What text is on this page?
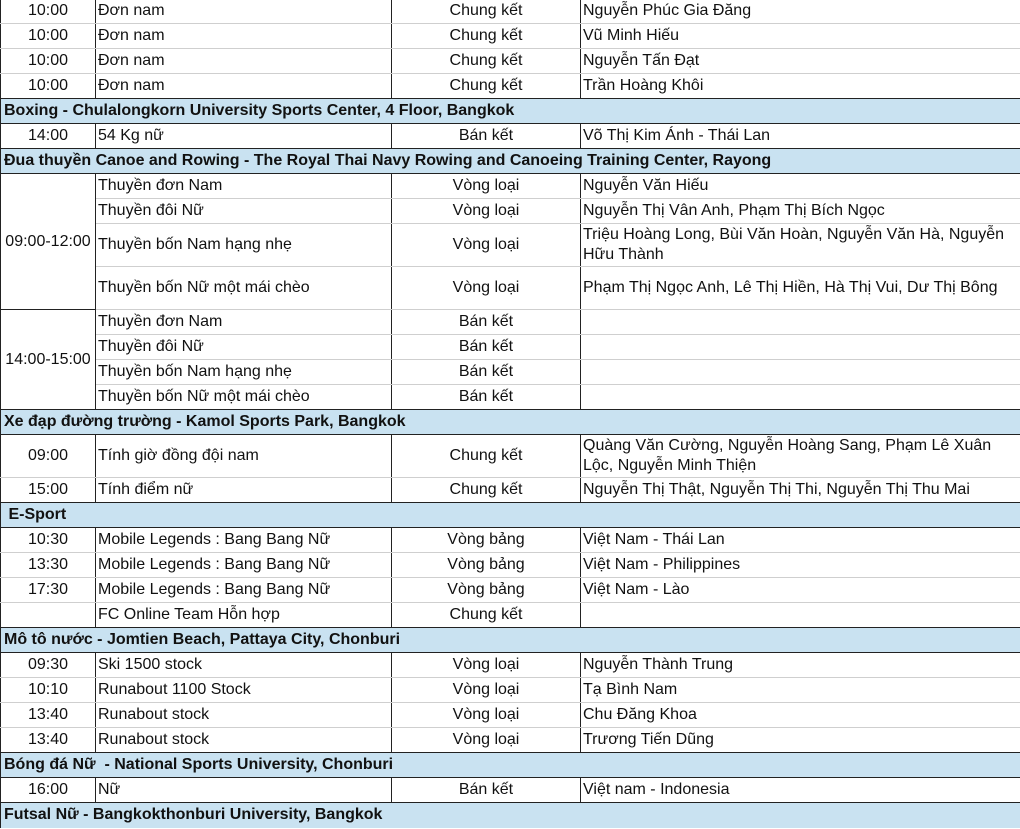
10:00	Đơn nam	Chung kết	Nguyễn Phúc Gia Đăng
10:00	Đơn nam	Chung kết	Vũ Minh Hiếu
10:00	Đơn nam	Chung kết	Nguyễn Tấn Đạt
10:00	Đơn nam	Chung kết	Trần Hoàng Khôi
Boxing - Chulalongkorn University Sports Center, 4 Floor, Bangkok			
14:00	54 Kg nữ	Bán kết	Võ Thị Kim Ánh - Thái Lan
Đua thuyền Canoe and Rowing - The Royal Thai Navy Rowing and Canoeing Training Center, Rayong			
09:00-12:00	Thuyền đơn Nam	Vòng loại	Nguyễn Văn Hiếu
	Thuyền đôi Nữ	Vòng loại	Nguyễn Thị Vân Anh, Phạm Thị Bích Ngọc
	Thuyền bốn Nam hạng nhẹ	Vòng loại	Triệu Hoàng Long, Bùi Văn Hoàn, Nguyễn Văn Hà, Nguyễn Hữu Thành
	Thuyền bốn Nữ một mái chèo	Vòng loại	Phạm Thị Ngọc Anh, Lê Thị Hiền, Hà Thị Vui, Dư Thị Bông
14:00-15:00	Thuyền đơn Nam	Bán kết	
	Thuyền đôi Nữ	Bán kết	
	Thuyền bốn Nam hạng nhẹ	Bán kết	
	Thuyền bốn Nữ một mái chèo	Bán kết	
Xe đạp đường trường - Kamol Sports Park, Bangkok			
09:00	Tính giờ đồng đội nam	Chung kết	Quàng Văn Cường, Nguyễn Hoàng Sang, Phạm Lê Xuân Lộc, Nguyễn Minh Thiện
15:00	Tính điểm nữ	Chung kết	Nguyễn Thị Thật, Nguyễn Thị Thi, Nguyễn Thị Thu Mai
E-Sport			
10:30	Mobile Legends : Bang Bang Nữ	Vòng bảng	Việt Nam - Thái Lan
13:30	Mobile Legends : Bang Bang Nữ	Vòng bảng	Việt Nam - Philippines
17:30	Mobile Legends : Bang Bang Nữ	Vòng bảng	Việt Nam - Lào
	FC Online Team Hỗn hợp	Chung kết	
Mô tô nước - Jomtien Beach, Pattaya City, Chonburi			
09:30	Ski 1500 stock	Vòng loại	Nguyễn Thành Trung
10:10	Runabout 1100 Stock	Vòng loại	Tạ Bình Nam
13:40	Runabout stock	Vòng loại	Chu Đăng Khoa
13:40	Runabout stock	Vòng loại	Trương Tiến Dũng
Bóng đá Nữ  - National Sports University, Chonburi			
16:00	Nữ	Bán kết	Việt nam - Indonesia
Futsal Nữ - Bangkokthonburi University, Bangkok			
